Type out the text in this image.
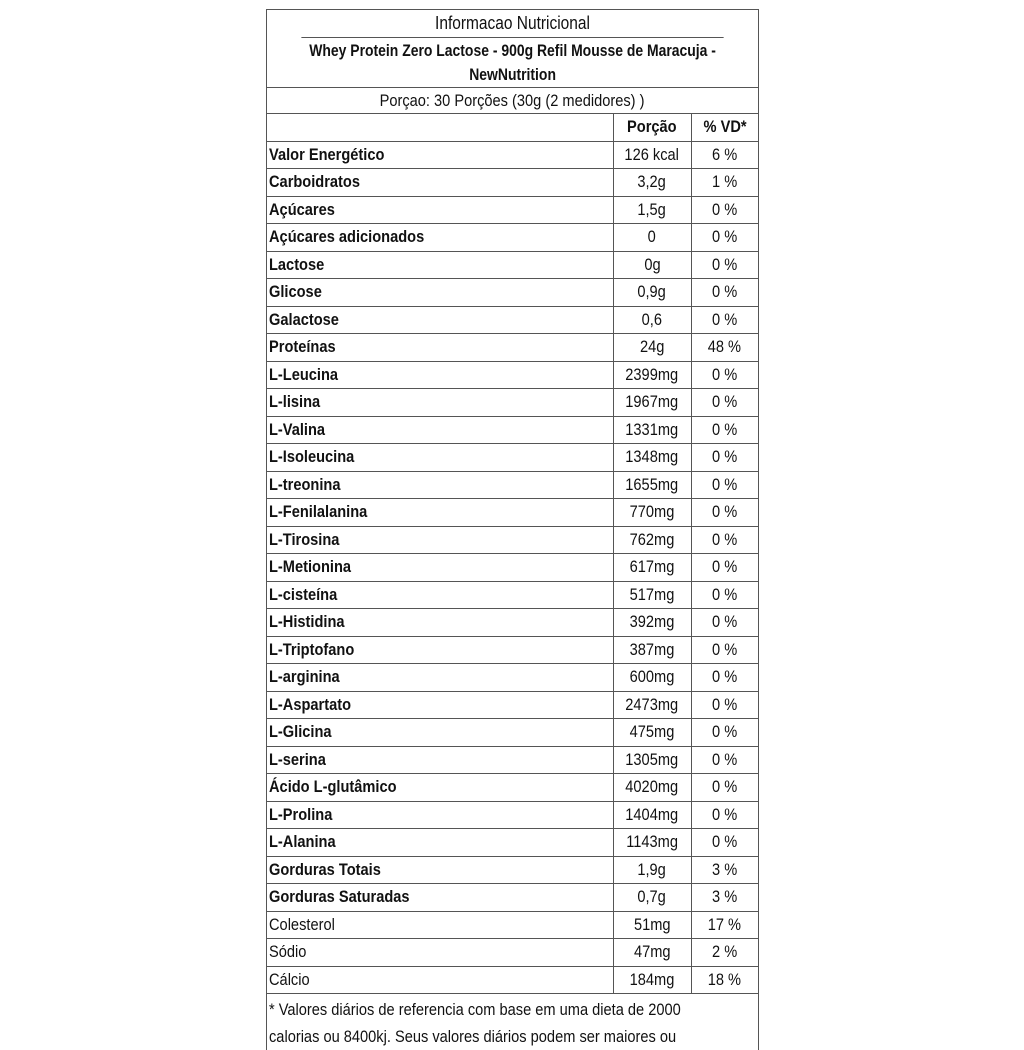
Informacao Nutricional
Whey Protein Zero Lactose - 900g Refil Mousse de Maracuja - NewNutrition
Porçao: 30 Porções (30g (2 medidores) )
	Porção	% VD*
Valor Energético	126 kcal	6 %
Carboidratos	3,2g	1 %
Açúcares	1,5g	0 %
Açúcares adicionados	0	0 %
Lactose	0g	0 %
Glicose	0,9g	0 %
Galactose	0,6	0 %
Proteínas	24g	48 %
L-Leucina	2399mg	0 %
L-lisina	1967mg	0 %
L-Valina	1331mg	0 %
L-Isoleucina	1348mg	0 %
L-treonina	1655mg	0 %
L-Fenilalanina	770mg	0 %
L-Tirosina	762mg	0 %
L-Metionina	617mg	0 %
L-cisteína	517mg	0 %
L-Histidina	392mg	0 %
L-Triptofano	387mg	0 %
L-arginina	600mg	0 %
L-Aspartato	2473mg	0 %
L-Glicina	475mg	0 %
L-serina	1305mg	0 %
Ácido L-glutâmico	4020mg	0 %
L-Prolina	1404mg	0 %
L-Alanina	1143mg	0 %
Gorduras Totais	1,9g	3 %
Gorduras Saturadas	0,7g	3 %
Colesterol	51mg	17 %
Sódio	47mg	2 %
Cálcio	184mg	18 %
* Valores diários de referencia com base em uma dieta de 2000
calorias ou 8400kj. Seus valores diários podem ser maiores ou
